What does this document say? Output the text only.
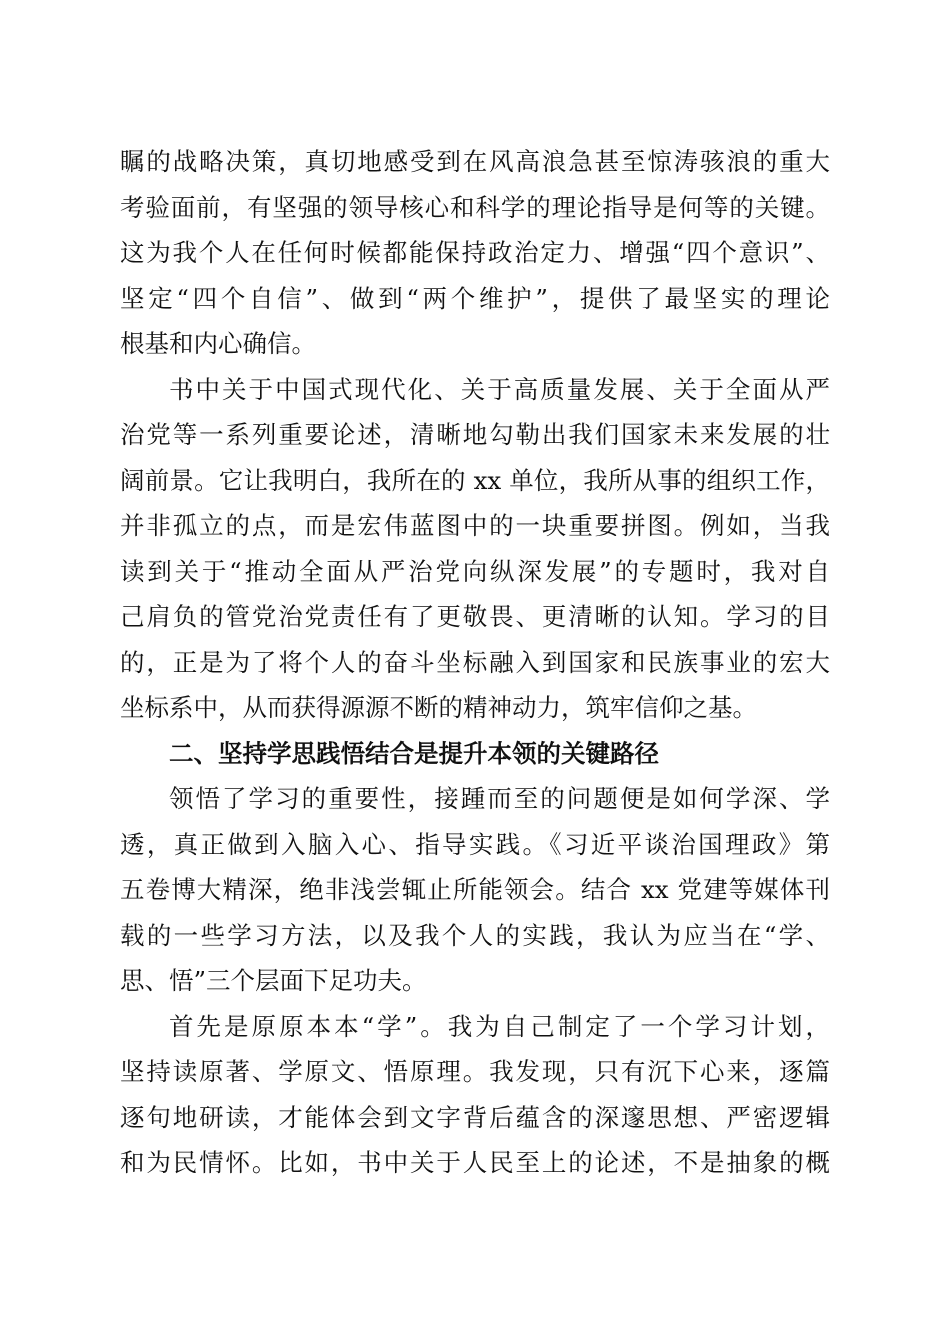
瞩的战略决策，真切地感受到在风高浪急甚至惊涛骇浪的重大
考验面前，有坚强的领导核心和科学的理论指导是何等的关键。
这为我个人在任何时候都能保持政治定力、增强“四个意识”、
坚定“四个自信”、做到“两个维护”，提供了最坚实的理论
根基和内心确信。
书中关于中国式现代化、关于高质量发展、关于全面从严
治党等一系列重要论述，清晰地勾勒出我们国家未来发展的壮
阔前景。它让我明白，我所在的 xx 单位，我所从事的组织工作，
并非孤立的点，而是宏伟蓝图中的一块重要拼图。例如，当我
读到关于“推动全面从严治党向纵深发展”的专题时，我对自
己肩负的管党治党责任有了更敬畏、更清晰的认知。学习的目
的，正是为了将个人的奋斗坐标融入到国家和民族事业的宏大
坐标系中，从而获得源源不断的精神动力，筑牢信仰之基。
二、坚持学思践悟结合是提升本领的关键路径
领悟了学习的重要性，接踵而至的问题便是如何学深、学
透，真正做到入脑入心、指导实践。《习近平谈治国理政》第
五卷博大精深，绝非浅尝辄止所能领会。结合 xx 党建等媒体刊
载的一些学习方法，以及我个人的实践，我认为应当在“学、
思、悟”三个层面下足功夫。
首先是原原本本“学”。我为自己制定了一个学习计划，
坚持读原著、学原文、悟原理。我发现，只有沉下心来，逐篇
逐句地研读，才能体会到文字背后蕴含的深邃思想、严密逻辑
和为民情怀。比如，书中关于人民至上的论述，不是抽象的概
